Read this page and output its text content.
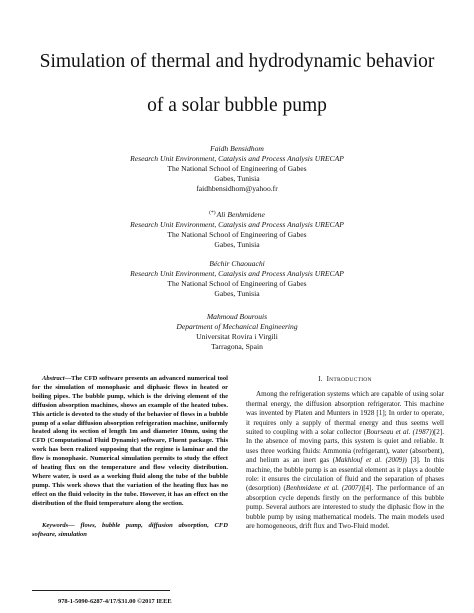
Simulation of thermal and hydrodynamic behavior
of a solar bubble pump
Faidh Bensidhom
Research Unit Environment, Catalysis and Process Analysis URECAP
The National School of Engineering of Gabes
Gabes, Tunisia
faidhbensidhom@yahoo.fr
(*)Ali Benhmidene
Research Unit Environment, Catalysis and Process Analysis URECAP
The National School of Engineering of Gabes
Gabes, Tunisia
Béchir Chaouachi
Research Unit Environment, Catalysis and Process Analysis URECAP
The National School of Engineering of Gabes
Gabes, Tunisia
Mahmoud Bourouis
Department of Mechanical Engineering
Universitat Rovira i Virgili
Tarragona, Spain

Abstract—The CFD software presents an advanced numerical tool for the simulation of monophasic and diphasic flows in heated or boiling pipes. The bubble pump, which is the driving element of the diffusion absorption machines, shows an example of the heated tubes. This article is devoted to the study of the behavior of flows in a bubble pump of a solar diffusion absorption refrigeration machine, uniformly heated along its section of length 1m and diameter 10mm, using the CFD (Computational Fluid Dynamic) software, Fluent package. This work has been realized supposing that the regime is laminar and the flow is monophasic. Numerical simulation permits to study the effect of heating flux on the temperature and flow velocity distribution. Where water, is used as a working fluid along the tube of the bubble pump. This work shows that the variation of the heating flux has no effect on the fluid velocity in the tube. However, it has an effect on the distribution of the fluid temperature along the section.

Keywords— flows, bubble pump, diffusion absorption, CFD software, simulation

I. INTRODUCTION

Among the refrigeration systems which are capable of using solar thermal energy, the diffusion absorption refrigerator. This machine was invented by Platen and Munters in 1928 [1]; In order to operate, it requires only a supply of thermal energy and thus seems well suited to coupling with a solar collector (Bourseau et al. (1987))[2]. In the absence of moving parts, this system is quiet and reliable. It uses three working fluids: Ammonia (refrigerant), water (absorbent), and helium as an inert gas (Makhlouf et al. (2009)) [3]. In this machine, the bubble pump is an essential element as it plays a double role: it ensures the circulation of fluid and the separation of phases (desorption) (Benhmidene et al. (2007))[4]. The performance of an absorption cycle depends firstly on the performance of this bubble pump. Several authors are interested to study the diphasic flow in the bubble pump by using mathematical models. The main models used are homogeneous, drift flux and Two-Fluid model.

978-1-5090-6287-4/17/$31.00 ©2017 IEEE
